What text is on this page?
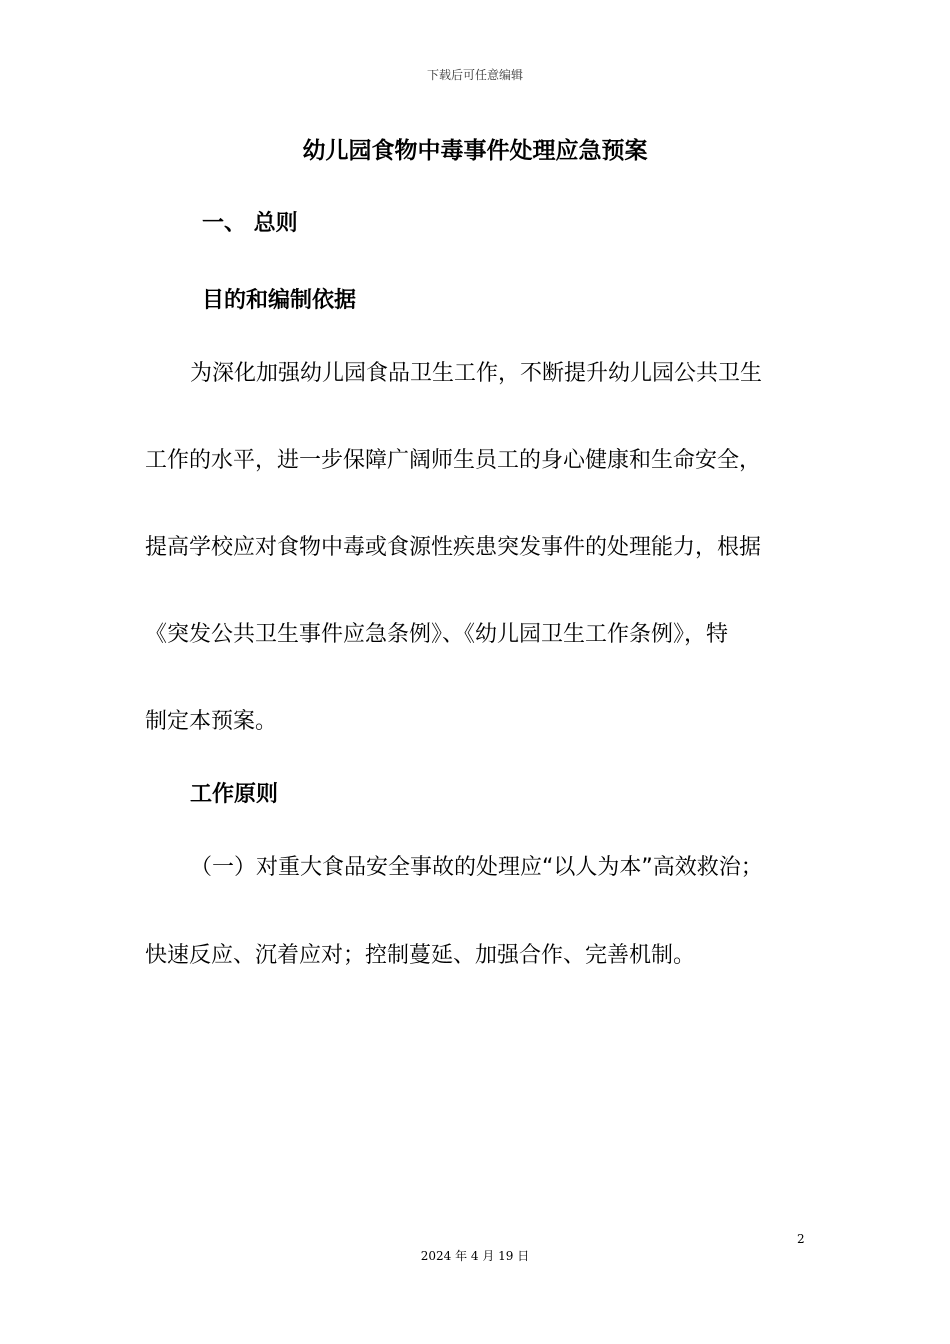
下载后可任意编辑
幼儿园食物中毒事件处理应急预案

一、 总则

目的和编制依据

为深化加强幼儿园食品卫生工作，不断提升幼儿园公共卫生

工作的水平，进一步保障广阔师生员工的身心健康和生命安全，

提高学校应对食物中毒或食源性疾患突发事件的处理能力，根据

《突发公共卫生事件应急条例》、《幼儿园卫生工作条例》，特

制定本预案。

工作原则

（一）对重大食品安全事故的处理应“以人为本”高效救治；

快速反应、沉着应对；控制蔓延、加强合作、完善机制。

2
2024 年 4 月 19 日
